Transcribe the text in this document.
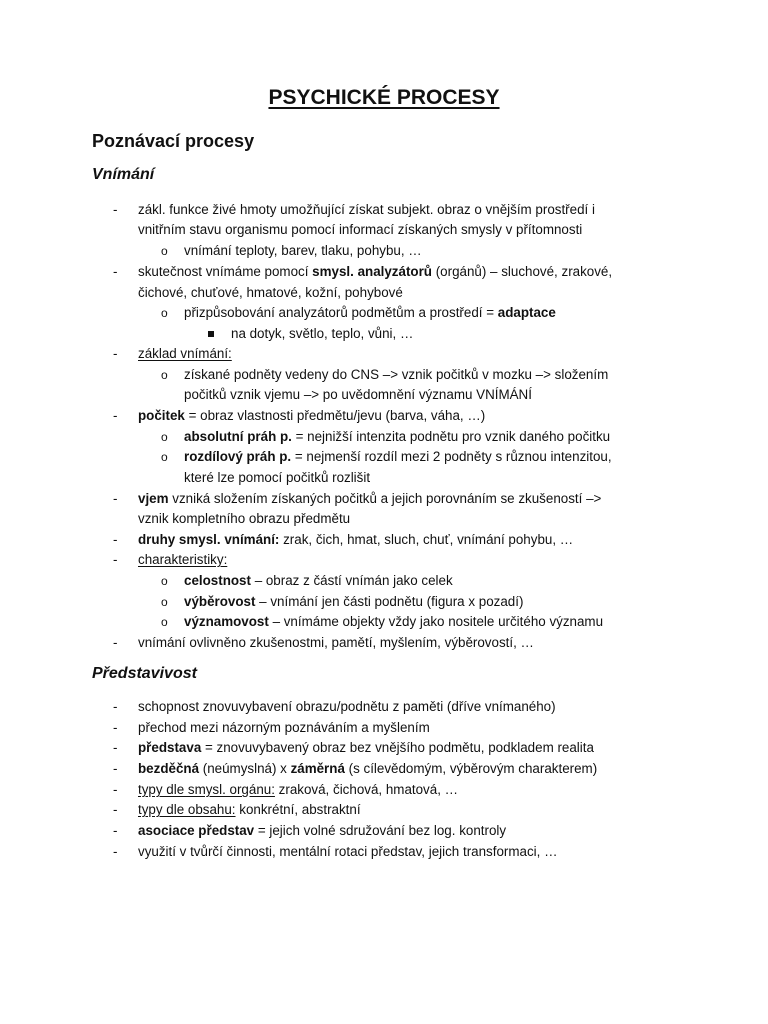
PSYCHICKÉ PROCESY
Poznávací procesy
Vnímání
- zákl. funkce živé hmoty umožňující získat subjekt. obraz o vnějším prostředí i
vnitřním stavu organismu pomocí informací získaných smysly v přítomnosti
o vnímání teploty, barev, tlaku, pohybu, …
- skutečnost vnímáme pomocí smysl. analyzátorů (orgánů) – sluchové, zrakové,
čichové, chuťové, hmatové, kožní, pohybové
o přizpůsobování analyzátorů podmětům a prostředí = adaptace
na dotyk, světlo, teplo, vůni, …
- základ vnímání:
o získané podněty vedeny do CNS –> vznik počitků v mozku –> složením
počitků vznik vjemu –> po uvědomnění významu VNÍMÁNÍ
- počitek = obraz vlastnosti předmětu/jevu (barva, váha, …)
o absolutní práh p. = nejnižší intenzita podnětu pro vznik daného počitku
o rozdílový práh p. = nejmenší rozdíl mezi 2 podněty s různou intenzitou,
které lze pomocí počitků rozlišit
- vjem vzniká složením získaných počitků a jejich porovnáním se zkušeností –>
vznik kompletního obrazu předmětu
- druhy smysl. vnímání: zrak, čich, hmat, sluch, chuť, vnímání pohybu, …
- charakteristiky:
o celostnost – obraz z částí vnímán jako celek
o výběrovost – vnímání jen části podnětu (figura x pozadí)
o významovost – vnímáme objekty vždy jako nositele určitého významu
- vnímání ovlivněno zkušenostmi, pamětí, myšlením, výběrovostí, …
Představivost
- schopnost znovuvybavení obrazu/podnětu z paměti (dříve vnímaného)
- přechod mezi názorným poznáváním a myšlením
- představa = znovuvybavený obraz bez vnějšího podmětu, podkladem realita
- bezděčná (neúmyslná) x záměrná (s cílevědomým, výběrovým charakterem)
- typy dle smysl. orgánu: zraková, čichová, hmatová, …
- typy dle obsahu: konkrétní, abstraktní
- asociace představ = jejich volné sdružování bez log. kontroly
- využití v tvůrčí činnosti, mentální rotaci představ, jejich transformaci, …
